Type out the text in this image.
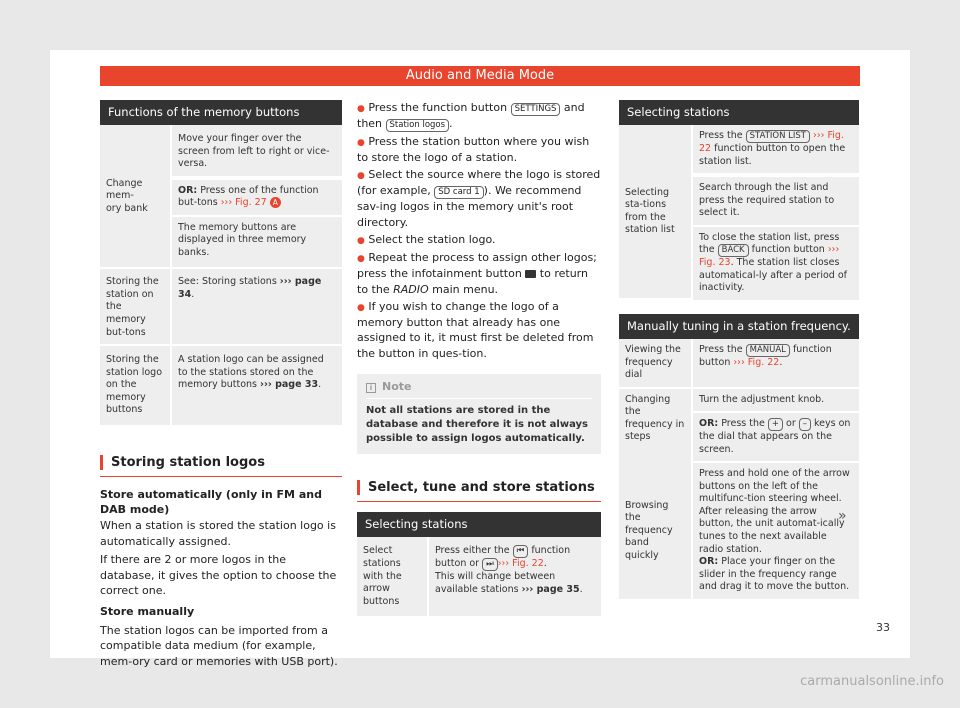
Audio and Media Mode
Functions of the memory buttons	
Change mem-
ory bank	Move your finger over the screen from left to right or vice-versa.
	OR: Press one of the function but-tons ››› Fig. 27 A
	The memory buttons are displayed in three memory banks.
Storing the station on the memory but-tons	See: Storing stations ››› page 34.
Storing the station logo on the memory buttons	A station logo can be assigned to the stations stored on the memory buttons ››› page 33.
Storing station logos
Store automatically (only in FM and DAB mode)
When a station is stored the station logo is automatically assigned.
If there are 2 or more logos in the database, it gives the option to choose the correct one.
Store manually
The station logos can be imported from a compatible data medium (for example, mem-ory card or memories with USB port).
● Press the function button SETTINGS and then Station logos .
● Press the station button where you wish to store the logo of a station.
● Select the source where the logo is stored (for example, SD card 1 ). We recommend sav-ing logos in the memory unit's root directory.
● Select the station logo.
● Repeat the process to assign other logos; press the infotainment button  to return to the RADIO main menu.
● If you wish to change the logo of a memory button that already has one assigned to it, it must first be deleted from the button in ques-tion.
i Note
Not all stations are stored in the database and therefore it is not always possible to assign logos automatically.
Select, tune and store stations
Selecting stations
Select stations with the arrow buttons	Press either the ⏮ function button or ⏭ ››› Fig. 22.
This will change between available stations ››› page 35.
Selecting stations
Selecting sta-tions from the station list	Press the STATION LIST ››› Fig. 22 function button to open the station list.
Search through the list and press the required station to select it.
To close the station list, press the BACK function button ››› Fig. 23. The station list closes automatical-ly after a period of inactivity.
Manually tuning in a station frequency.	
Viewing the frequency dial	Press the MANUAL function button ››› Fig. 22.
Changing the frequency in steps	Turn the adjustment knob.
	OR: Press the + or – keys on the dial that appears on the screen.
Browsing the frequency band quickly	Press and hold one of the arrow buttons on the left of the multifunc-tion steering wheel. After releasing the arrow button, the unit automat-ically tunes to the next available radio station.
OR: Place your finger on the slider in the frequency range and drag it to move the button.
»
33
carmanualsonline.info
